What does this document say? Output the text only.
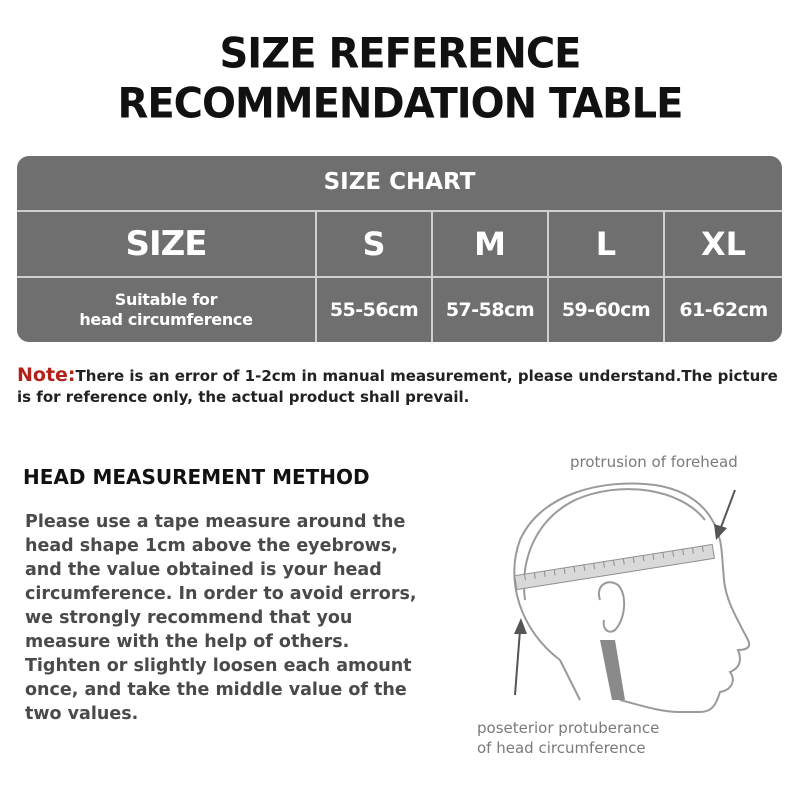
SIZE REFERENCE
RECOMMENDATION TABLE
SIZE CHART
SIZE	S	M	L	XL
Suitable for
head circumference	55-56cm	57-58cm	59-60cm	61-62cm
Note:There is an error of 1-2cm in manual measurement, please understand.The picture is for reference only, the actual product shall prevail.
HEAD MEASUREMENT METHOD
Please use a tape measure around the
head shape 1cm above the eyebrows,
and the value obtained is your head
circumference. In order to avoid errors,
we strongly recommend that you
measure with the help of others.
Tighten or slightly loosen each amount
once, and take the middle value of the
two values.
protrusion of forehead
poseterior protuberance
of head circumference
